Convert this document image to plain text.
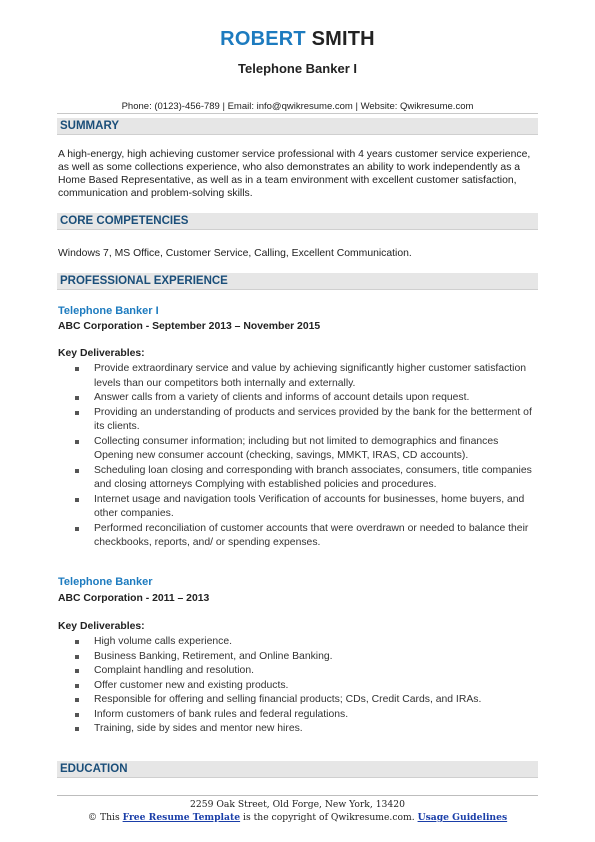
ROBERT SMITH
Telephone Banker I
Phone: (0123)-456-789 | Email: info@qwikresume.com | Website: Qwikresume.com
SUMMARY
A high-energy, high achieving customer service professional with 4 years customer service experience, as well as some collections experience, who also demonstrates an ability to work independently as a Home Based Representative, as well as in a team environment with excellent customer satisfaction, communication and problem-solving skills.
CORE COMPETENCIES
Windows 7, MS Office, Customer Service, Calling, Excellent Communication.
PROFESSIONAL EXPERIENCE
Telephone Banker I
ABC Corporation - September 2013 – November 2015
Key Deliverables:
Provide extraordinary service and value by achieving significantly higher customer satisfaction levels than our competitors both internally and externally.
Answer calls from a variety of clients and informs of account details upon request.
Providing an understanding of products and services provided by the bank for the betterment of its clients.
Collecting consumer information; including but not limited to demographics and finances Opening new consumer account (checking, savings, MMKT, IRAS, CD accounts).
Scheduling loan closing and corresponding with branch associates, consumers, title companies and closing attorneys Complying with established policies and procedures.
Internet usage and navigation tools Verification of accounts for businesses, home buyers, and other companies.
Performed reconciliation of customer accounts that were overdrawn or needed to balance their checkbooks, reports, and/ or spending expenses.
Telephone Banker
ABC Corporation - 2011 – 2013
Key Deliverables:
High volume calls experience.
Business Banking, Retirement, and Online Banking.
Complaint handling and resolution.
Offer customer new and existing products.
Responsible for offering and selling financial products; CDs, Credit Cards, and IRAs.
Inform customers of bank rules and federal regulations.
Training, side by sides and mentor new hires.
EDUCATION
2259 Oak Street, Old Forge, New York, 13420
© This Free Resume Template is the copyright of Qwikresume.com. Usage Guidelines
